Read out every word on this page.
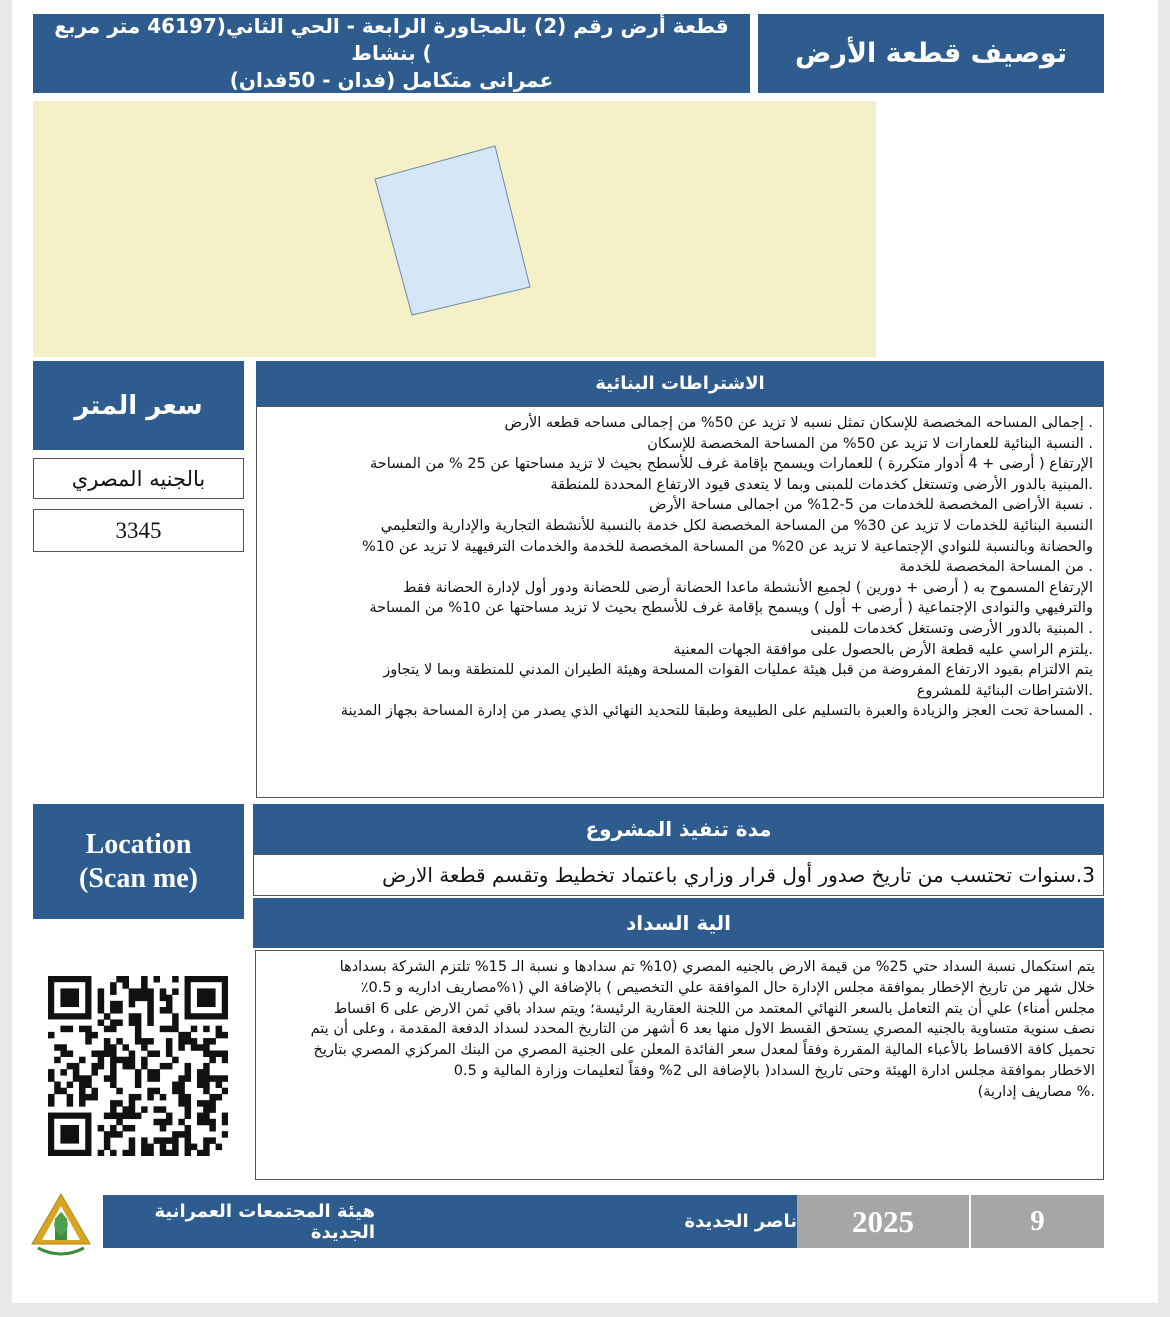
توصيف قطعة الأرض
قطعة أرض رقم (2) بالمجاورة الرابعة - الحي الثاني(46197 متر مربع ) بنشاط
عمرانى متكامل (فدان - 50فدان)
سعر المتر
بالجنيه المصري
3345
الاشتراطات البنائية

. إجمالى المساحه المخصصة للإسكان تمثل نسبه لا تزيد عن 50% من إجمالى مساحه قطعه الأرض

. النسبة البنائية للعمارات لا تزيد عن 50% من المساحة المخصصة للإسكان

الإرتفاع ( أرضى + 4 أدوار متكررة ) للعمارات ويسمح بإقامة غرف للأسطح بحيث لا تزيد مساحتها عن 25 % من المساحة

.المبنية بالدور الأرضى وتستغل كخدمات للمبنى وبما لا يتعدى قيود الارتفاع المحددة للمنطقة

. نسبة الأراضى المخصصة للخدمات من 5-12% من اجمالى مساحة الأرض

النسبة البنائية للخدمات لا تزيد عن 30% من المساحة المخصصة لكل خدمة بالنسبة للأنشطة التجارية والإدارية والتعليمي

والحضانة وبالنسبة للنوادي الإجتماعية لا تزيد عن 20% من المساحة المخصصة للخدمة والخدمات الترفيهية لا تزيد عن 10%

. من المساحة المخصصة للخدمة

الإرتفاع المسموح به ( أرضى + دورين ) لجميع الأنشطة ماعدا الحضانة أرضى للحضانة ودور أول لإدارة الحضانة فقط

والترفيهي والنوادى الإجتماعية ( أرضى + أول ) ويسمح بإقامة غرف للأسطح بحيث لا تزيد مساحتها عن 10% من المساحة

. المبنية بالدور الأرضى وتستغل كخدمات للمبنى

.يلتزم الراسي عليه قطعة الأرض بالحصول على موافقة الجهات المعنية

يتم الالتزام بقيود الارتفاع المفروضة من قبل هيئة عمليات القوات المسلحة وهيئة الطيران المدني للمنطقة وبما لا يتجاوز

.الاشتراطات البنائية للمشروع

. المساحة تحت العجز والزيادة والعبرة بالتسليم على الطبيعة وطبقا للتحديد النهائي الذي يصدر من إدارة المساحة بجهاز المدينة

Location
(Scan me)
مدة تنفيذ المشروع
3.سنوات تحتسب من تاريخ صدور أول قرار وزاري باعتماد تخطيط وتقسم قطعة الارض
الية السداد

يتم استكمال نسبة السداد حتي 25% من قيمة الارض بالجنيه المصري (10% تم سدادها و نسبة الـ 15% تلتزم الشركة بسدادها

خلال شهر من تاريخ الإخطار بموافقة مجلس الإدارة حال الموافقة علي التخصيص ) بالإضافة الي (١%مصاريف اداريه و 0.5٪

مجلس أمناء) علي أن يتم التعامل بالسعر النهائي المعتمد من اللجنة العقارية الرئيسة؛ ويتم سداد باقي ثمن الارض على 6 اقساط

نصف سنوية متساوية بالجنيه المصري يستحق القسط الاول منها بعد 6 أشهر من التاريخ المحدد لسداد الدفعة المقدمة ، وعلى أن يتم

تحميل كافة الاقساط بالأعباء المالية المقررة وفقاً لمعدل سعر الفائدة المعلن على الجنية المصري من البنك المركزي المصري بتاريخ

الاخطار بموافقة مجلس ادارة الهيئة وحتى تاريخ السداد( بالإضافة الى 2% وفقاً لتعليمات وزارة المالية و 0.5

.% مصاريف إدارية)

هيئة المجتمعات العمرانية الجديدة	ناصر الجديدة	2025	9
